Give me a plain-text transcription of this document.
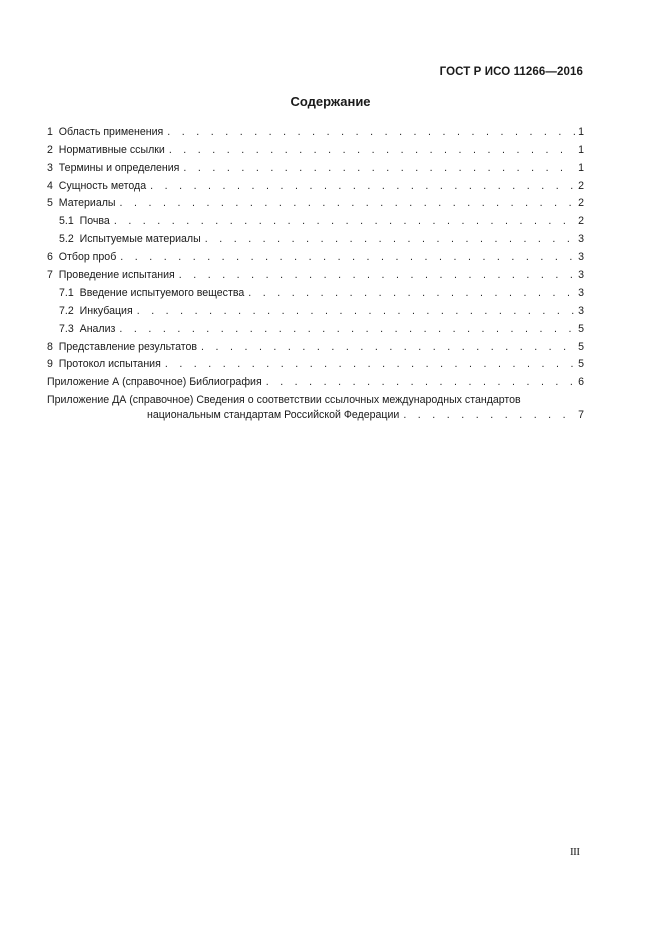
ГОСТ Р ИСО 11266—2016
Содержание
1 Область применения . . .	1
2 Нормативные ссылки . . .	1
3 Термины и определения . . .	1
4 Сущность метода . . .	2
5 Материалы . . .	2
5.1 Почва . . .	2
5.2 Испытуемые материалы . . .	3
6 Отбор проб . . .	3
7 Проведение испытания . . .	3
7.1 Введение испытуемого вещества . . .	3
7.2 Инкубация . . .	3
7.3 Анализ . . .	5
8 Представление результатов . . .	5
9 Протокол испытания . . .	5
Приложение А (справочное) Библиография . . .	6
Приложение ДА (справочное) Сведения о соответствии ссылочных международных стандартов
национальным стандартам Российской Федерации . . .	7
III
